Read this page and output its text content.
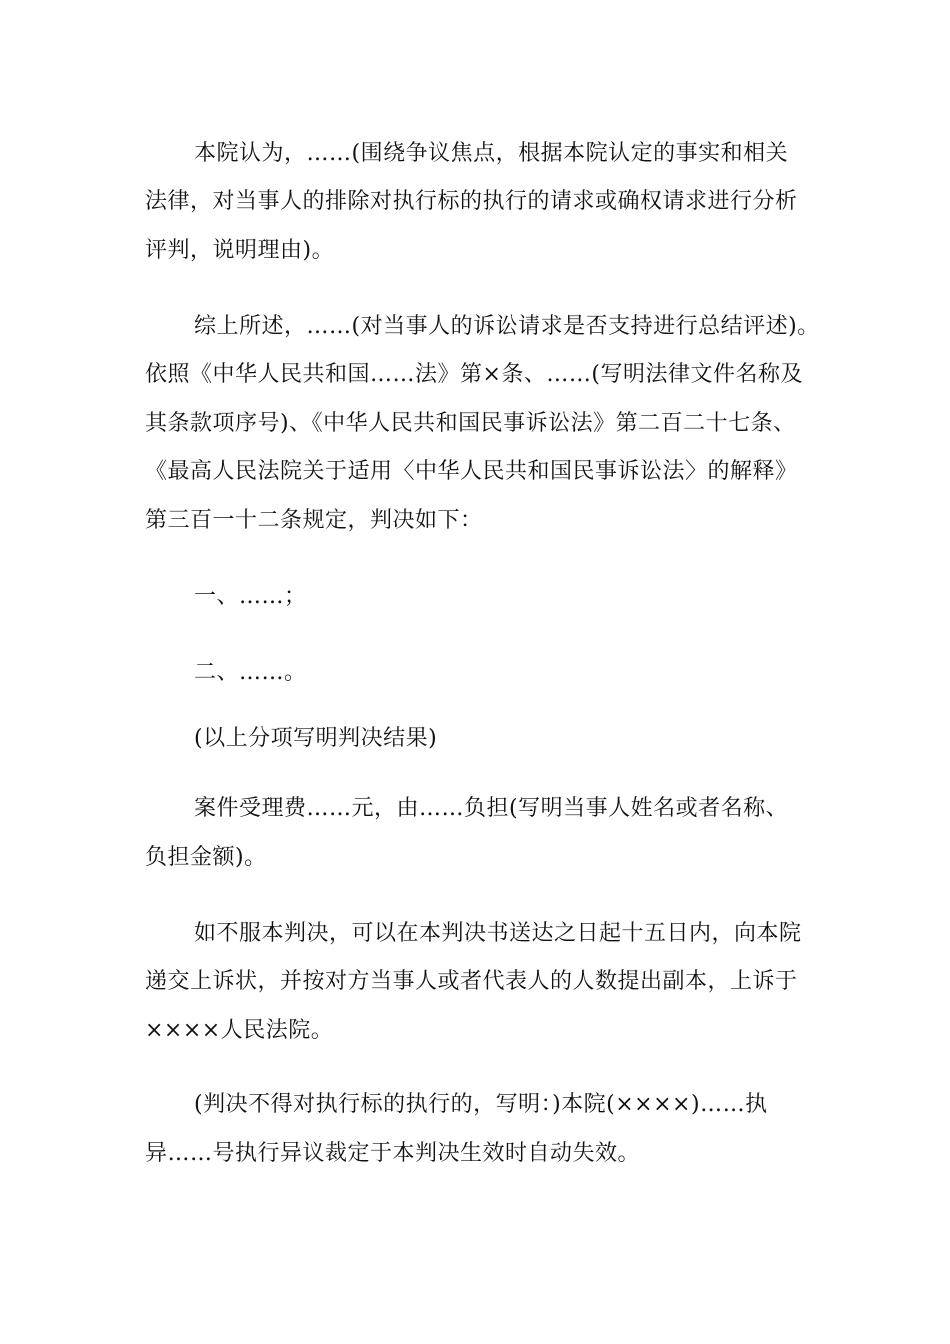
本院认为，……(围绕争议焦点，根据本院认定的事实和相关
法律，对当事人的排除对执行标的执行的请求或确权请求进行分析
评判，说明理由)。
综上所述，……(对当事人的诉讼请求是否支持进行总结评述)。
依照《中华人民共和国……法》第×条、……(写明法律文件名称及
其条款项序号)、《中华人民共和国民事诉讼法》第二百二十七条、
《最高人民法院关于适用〈中华人民共和国民事诉讼法〉的解释》
第三百一十二条规定，判决如下：
一、……；
二、……。
(以上分项写明判决结果)
案件受理费……元，由……负担(写明当事人姓名或者名称、
负担金额)。
如不服本判决，可以在本判决书送达之日起十五日内，向本院
递交上诉状，并按对方当事人或者代表人的人数提出副本，上诉于
××××人民法院。
(判决不得对执行标的执行的，写明：)本院(××××)……执
异……号执行异议裁定于本判决生效时自动失效。
